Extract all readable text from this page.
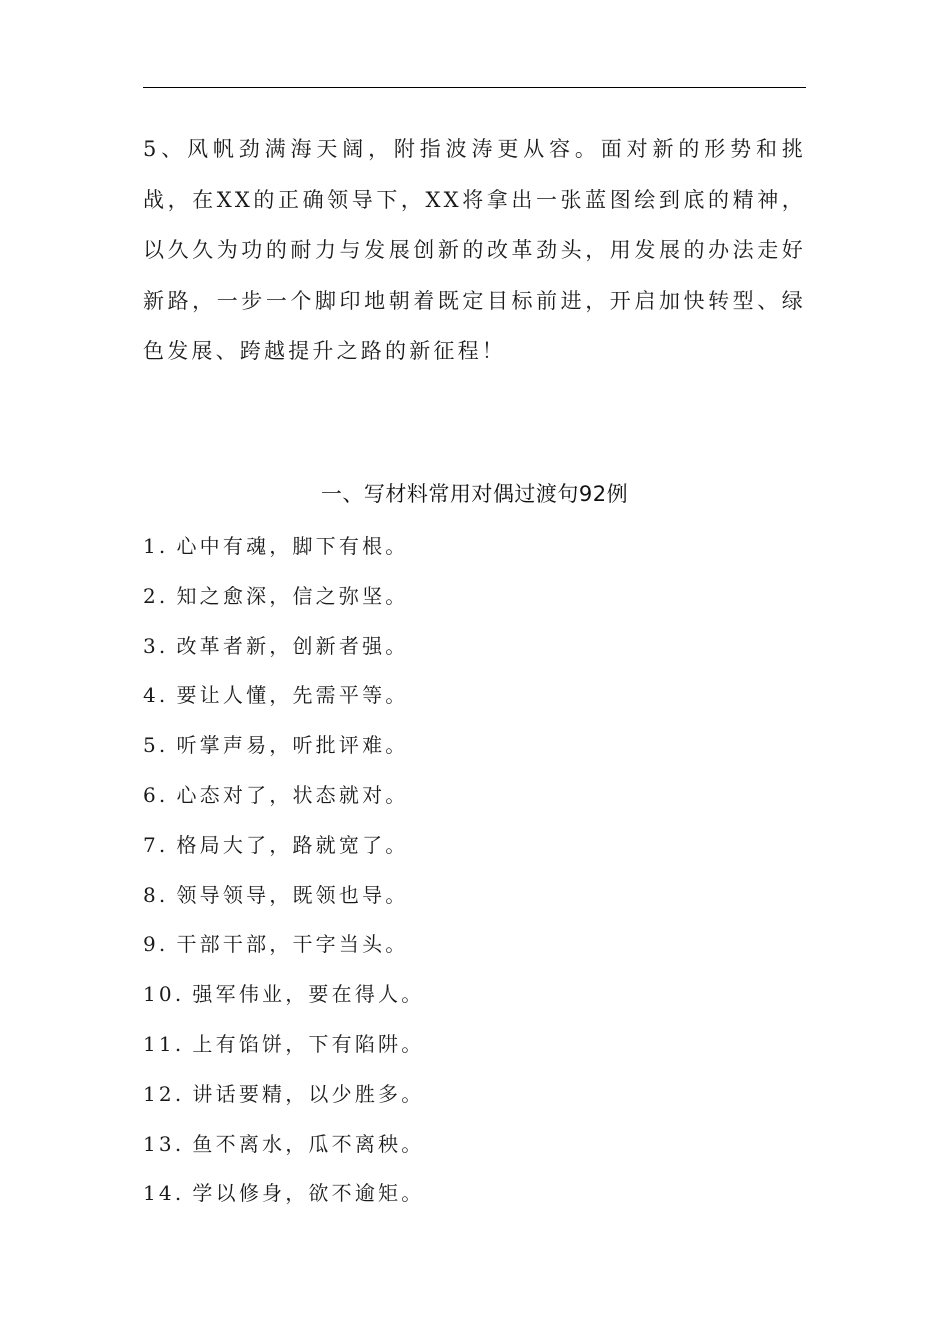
5、风帆劲满海天阔，附指波涛更从容。面对新的形势和挑战，在XX的正确领导下，XX将拿出一张蓝图绘到底的精神，以久久为功的耐力与发展创新的改革劲头，用发展的办法走好新路，一步一个脚印地朝着既定目标前进，开启加快转型、绿色发展、跨越提升之路的新征程！

一、写材料常用对偶过渡句92例
1. 心中有魂，脚下有根。
2. 知之愈深，信之弥坚。
3. 改革者新，创新者强。
4. 要让人懂，先需平等。
5. 听掌声易，听批评难。
6. 心态对了，状态就对。
7. 格局大了，路就宽了。
8. 领导领导，既领也导。
9. 干部干部，干字当头。
10. 强军伟业，要在得人。
11. 上有馅饼，下有陷阱。
12. 讲话要精，以少胜多。
13. 鱼不离水，瓜不离秧。
14. 学以修身，欲不逾矩。
